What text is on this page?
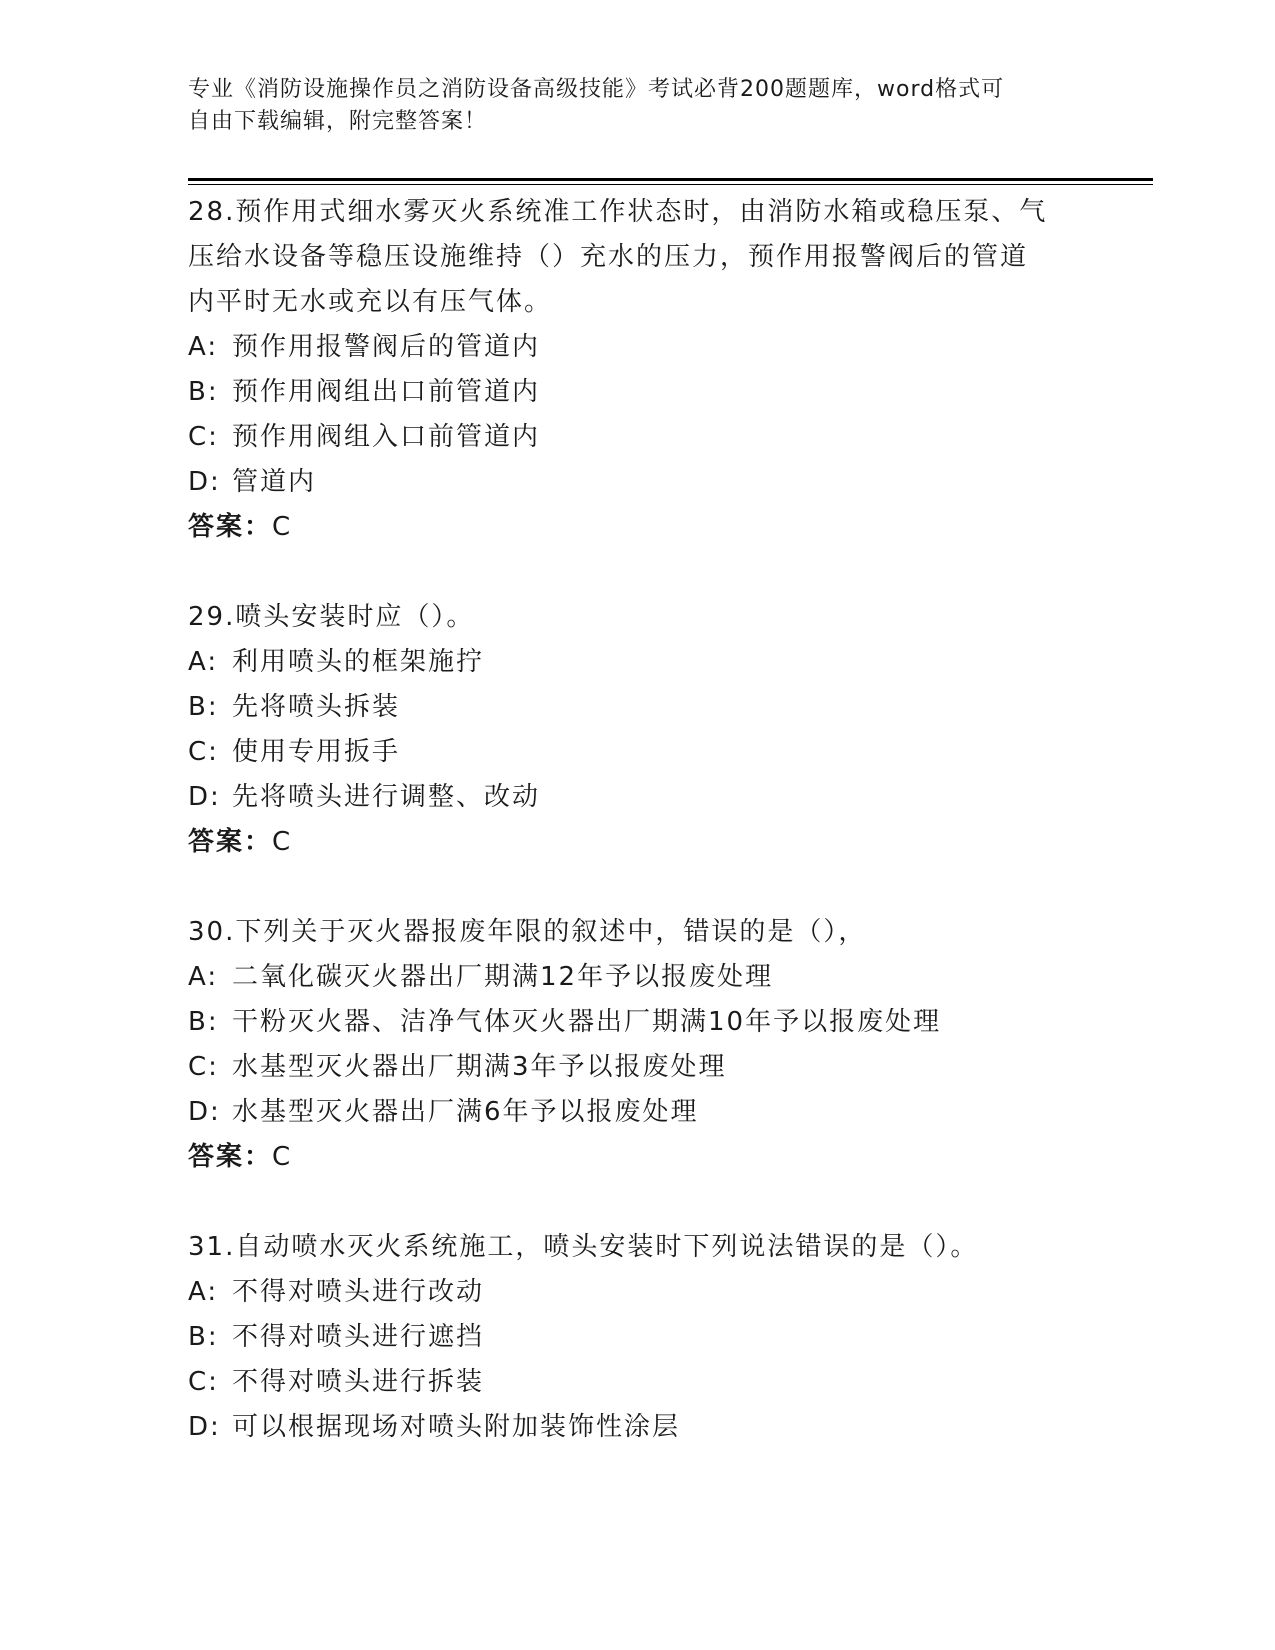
专业《消防设施操作员之消防设备高级技能》考试必背200题题库，word格式可
自由下载编辑，附完整答案！
28.预作用式细水雾灭火系统准工作状态时，由消防水箱或稳压泵、气
压给水设备等稳压设施维持（）充水的压力，预作用报警阀后的管道
内平时无水或充以有压气体。
A: 预作用报警阀后的管道内
B: 预作用阀组出口前管道内
C: 预作用阀组入口前管道内
D: 管道内
答案：C
29.喷头安装时应（）。
A: 利用喷头的框架施拧
B: 先将喷头拆装
C: 使用专用扳手
D: 先将喷头进行调整、改动
答案：C
30.下列关于灭火器报废年限的叙述中，错误的是（），
A: 二氧化碳灭火器出厂期满12年予以报废处理
B: 干粉灭火器、洁净气体灭火器出厂期满10年予以报废处理
C: 水基型灭火器出厂期满3年予以报废处理
D: 水基型灭火器出厂满6年予以报废处理
答案：C
31.自动喷水灭火系统施工，喷头安装时下列说法错误的是（）。
A: 不得对喷头进行改动
B: 不得对喷头进行遮挡
C: 不得对喷头进行拆装
D: 可以根据现场对喷头附加装饰性涂层
